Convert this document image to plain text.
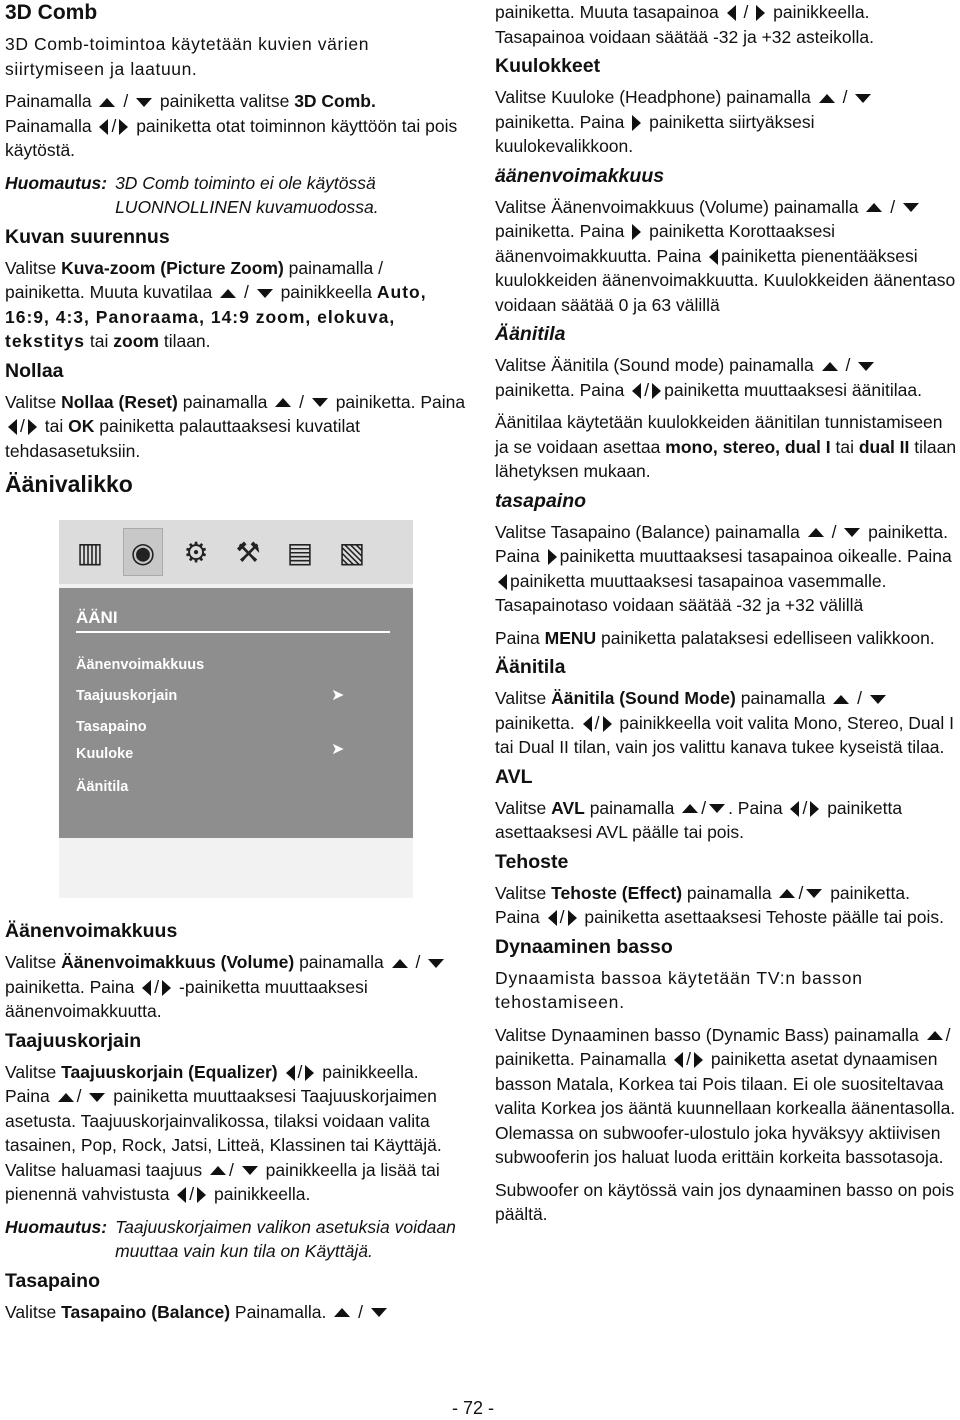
3D Comb

3D Comb-toimintoa käytetään kuvien värien siirtymiseen ja laatuun.

Painamalla  /  painiketta valitse 3D Comb. Painamalla / painiketta otat toiminnon käyttöön tai pois käytöstä.

Huomautus: 3D Comb toiminto ei ole käytössä LUONNOLLINEN kuvamuodossa.
Kuvan suurennus

Valitse Kuva-zoom (Picture Zoom) painamalla / painiketta. Muuta kuvatilaa  /  painikkeella Auto, 16:9, 4:3, Panoraama, 14:9 zoom, elokuva, tekstitys tai zoom tilaan.

Nollaa

Valitse Nollaa (Reset) painamalla  /  painiketta. Paina / tai OK painiketta palauttaaksesi kuvatilat tehdasasetuksiin.

Äänivalikko
▥ ◉ ⚙ ⚒ ▤ ▧
ÄÄNI
Äänenvoimakkuus
Taajuuskorjain	➤
Tasapaino
Kuuloke	➤
Äänitila
Äänenvoimakkuus

Valitse Äänenvoimakkuus (Volume) painamalla  /  painiketta. Paina / -painiketta muuttaaksesi äänenvoimakkuutta.

Taajuuskorjain

Valitse Taajuuskorjain (Equalizer) / painikkeella. Paina /  painiketta muuttaaksesi Taajuuskorjaimen asetusta. Taajuuskorjainvalikossa, tilaksi voidaan valita tasainen, Pop, Rock, Jatsi, Litteä, Klassinen tai Käyttäjä. Valitse haluamasi taajuus /  painikkeella ja lisää tai pienennä vahvistusta / painikkeella.

Huomautus: Taajuuskorjaimen valikon asetuksia voidaan muuttaa vain kun tila on Käyttäjä.
Tasapaino

Valitse Tasapaino (Balance) Painamalla.  /

painiketta. Muuta tasapainoa  /  painikkeella. Tasapainoa voidaan säätää -32 ja +32 asteikolla.

Kuulokkeet

Valitse Kuuloke (Headphone) painamalla  /  painiketta. Paina painiketta siirtyäksesi kuulokevalikkoon.

äänenvoimakkuus

Valitse Äänenvoimakkuus (Volume) painamalla  /  painiketta. Paina painiketta Korottaaksesi äänenvoimakkuutta. Paina painiketta pienentääksesi kuulokkeiden äänenvoimakkuutta. Kuulokkeiden äänentaso voidaan säätää 0 ja 63 välillä

Äänitila

Valitse Äänitila (Sound mode) painamalla  /  painiketta. Paina / painiketta muuttaaksesi äänitilaa.

Äänitilaa käytetään kuulokkeiden äänitilan tunnistamiseen ja se voidaan asettaa mono, stereo, dual I tai dual II tilaan lähetyksen mukaan.

tasapaino

Valitse Tasapaino (Balance) painamalla  /  painiketta. Paina painiketta muuttaaksesi tasapainoa oikealle. Paina painiketta muuttaaksesi tasapainoa vasemmalle. Tasapainotaso voidaan säätää -32 ja +32 välillä

Paina MENU painiketta palataksesi edelliseen valikkoon.

Äänitila

Valitse Äänitila (Sound Mode) painamalla  /  painiketta. / painikkeella voit valita Mono, Stereo, Dual I tai Dual II tilan, vain jos valittu kanava tukee kyseistä tilaa.

AVL

Valitse AVL painamalla / . Paina / painiketta asettaaksesi AVL päälle tai pois.

Tehoste

Valitse Tehoste (Effect) painamalla / painiketta. Paina / painiketta asettaaksesi Tehoste päälle tai pois.

Dynaaminen basso

Dynaamista bassoa käytetään TV:n basson tehostamiseen.

Valitse Dynaaminen basso (Dynamic Bass) painamalla / painiketta. Painamalla / painiketta asetat dynaamisen basson Matala, Korkea tai Pois tilaan. Ei ole suositeltavaa valita Korkea jos ääntä kuunnellaan korkealla äänentasolla. Olemassa on subwoofer-ulostulo joka hyväksyy aktiivisen subwooferin jos haluat luoda erittäin korkeita bassotasoja.

Subwoofer on käytössä vain jos dynaaminen basso on pois päältä.

- 72 -
